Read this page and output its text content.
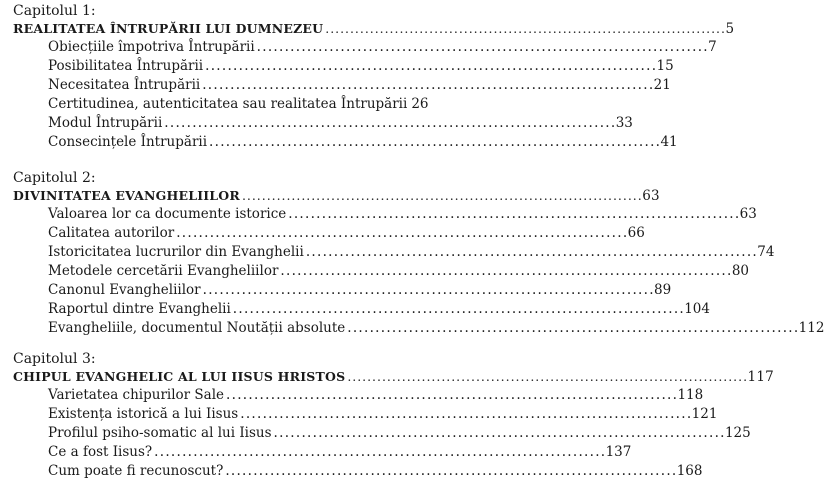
Capitolul 1:
REALITATEA ÎNTRUPĂRII LUI DUMNEZEU . . .	5
Obiecțiile împotriva Întrupării . . .	7
Posibilitatea Întrupării . . .	15
Necesitatea Întrupării . . .	21
Certitudinea, autenticitatea sau realitatea Întrupării 26
Modul Întrupării . . .	33
Consecințele Întrupării . . .	41
Capitolul 2:
DIVINITATEA EVANGHELIILOR . . .	63
Valoarea lor ca documente istorice . . .	63
Calitatea autorilor . . .	66
Istoricitatea lucrurilor din Evanghelii . . .	74
Metodele cercetării Evangheliilor . . .	80
Canonul Evangheliilor . . .	89
Raportul dintre Evanghelii . . .	104
Evangheliile, documentul Noutății absolute . . .	112
Capitolul 3:
CHIPUL EVANGHELIC AL LUI IISUS HRISTOS . . .	117
Varietatea chipurilor Sale . . .	118
Existența istorică a lui Iisus . . .	121
Profilul psiho-somatic al lui Iisus . . .	125
Ce a fost Iisus? . . .	137
Cum poate fi recunoscut? . . .	168
